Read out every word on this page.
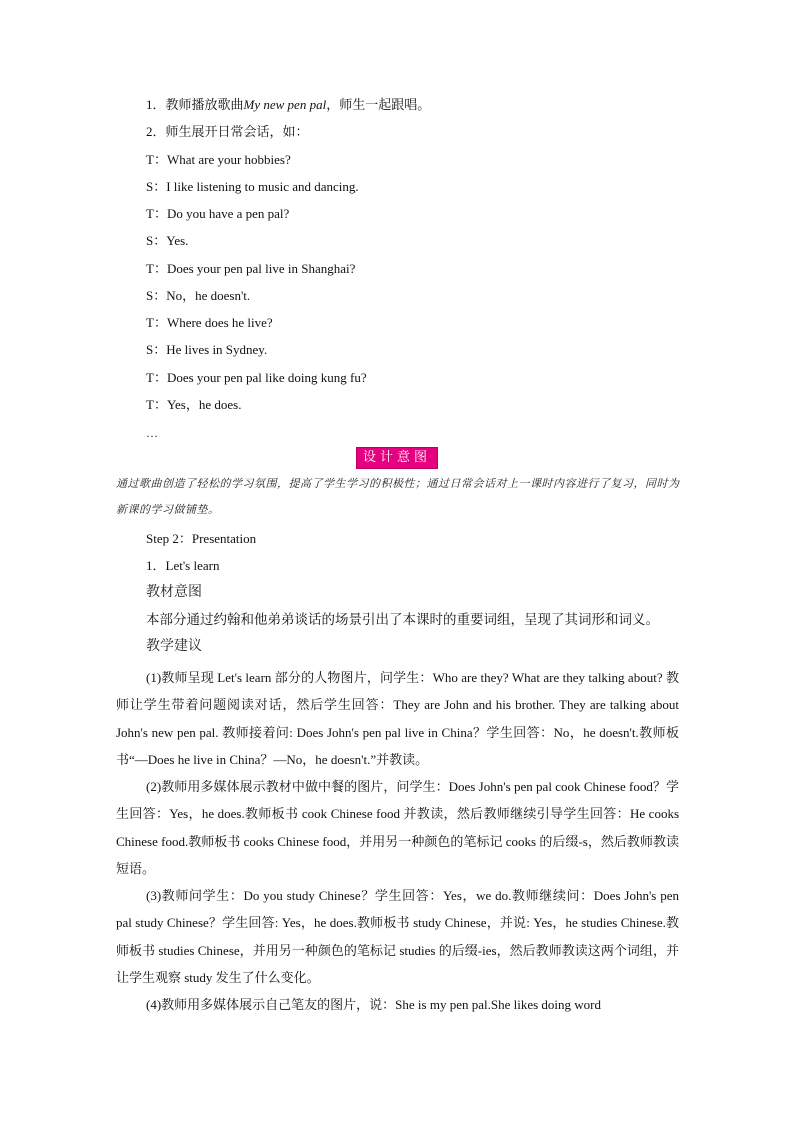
1．教师播放歌曲My new pen pal，师生一起跟唱。
2．师生展开日常会话，如：
T：What are your hobbies?
S：I like listening to music and dancing.
T：Do you have a pen pal?
S：Yes.
T：Does your pen pal live in Shanghai?
S：No，he doesn't.
T：Where does he live?
S：He lives in Sydney.
T：Does your pen pal like doing kung fu?
T：Yes，he does.
…
设计意图
通过歌曲创造了轻松的学习氛围，提高了学生学习的积极性；通过日常会话对上一课时内容进行了复习，同时为新课的学习做铺垫。
Step 2：Presentation
1．Let's learn
教材意图
本部分通过约翰和他弟弟谈话的场景引出了本课时的重要词组，呈现了其词形和词义。
教学建议
(1)教师呈现 Let's learn 部分的人物图片，问学生：Who are they? What are they talking about? 教师让学生带着问题阅读对话，然后学生回答：They are John and his brother. They are talking about John's new pen pal. 教师接着问: Does John's pen pal live in China？学生回答：No，he doesn't.教师板书“—Does he live in China？—No，he doesn't.”并教读。
(2)教师用多媒体展示教材中做中餐的图片，问学生：Does John's pen pal cook Chinese food？学生回答：Yes，he does.教师板书 cook Chinese food 并教读，然后教师继续引导学生回答：He cooks Chinese food.教师板书 cooks Chinese food，并用另一种颜色的笔标记 cooks 的后缀-s，然后教师教读短语。
(3)教师问学生：Do you study Chinese？学生回答：Yes，we do.教师继续问：Does John's pen pal study Chinese？学生回答: Yes，he does.教师板书 study Chinese，并说: Yes，he studies Chinese.教师板书 studies Chinese，并用另一种颜色的笔标记 studies 的后缀-ies，然后教师教读这两个词组，并让学生观察 study 发生了什么变化。
(4)教师用多媒体展示自己笔友的图片，说：She is my pen pal.She likes doing word
